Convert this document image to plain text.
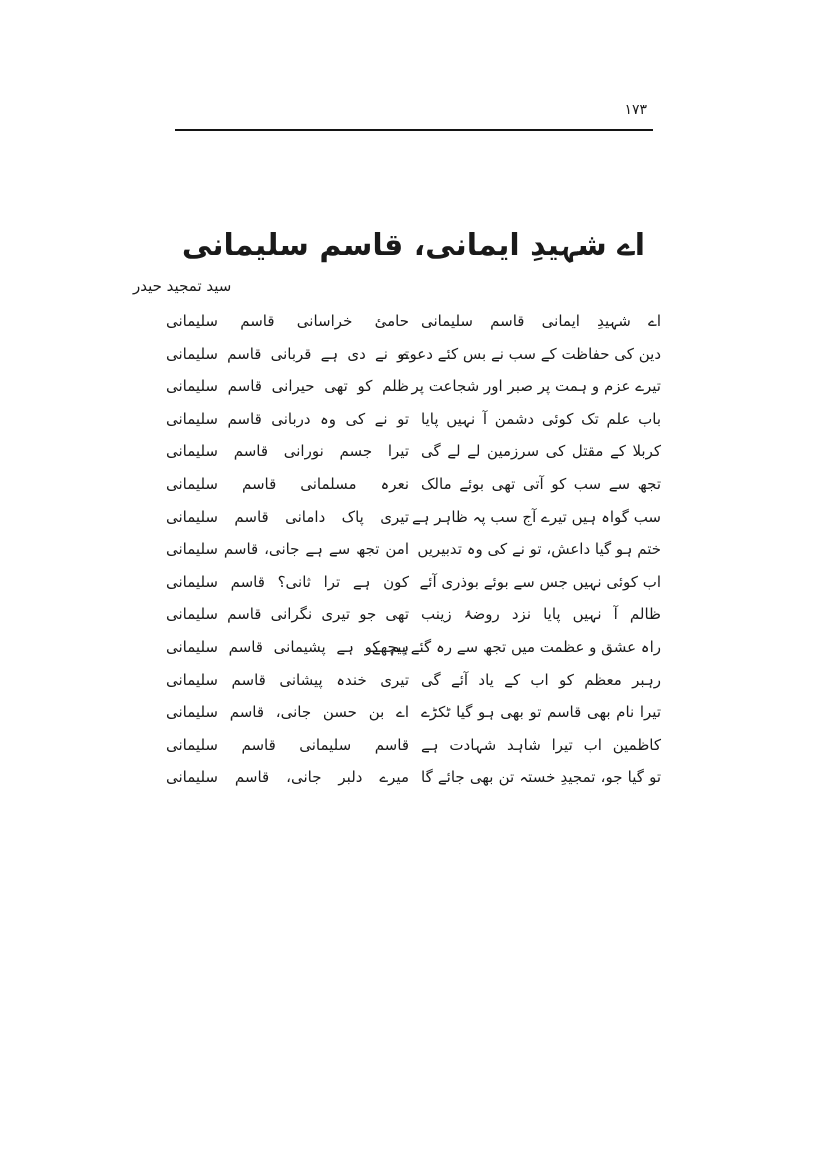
۱۷۳
اے شہیدِ ایمانی، قاسم سلیمانی
سید تمجید حیدر
اے شہیدِ ایمانی قاسم سلیمانی
حامئ خراسانی قاسم سلیمانی
دین کی حفاظت کے سب نے بس کئے دعوے
تو نے دی ہے قربانی قاسم سلیمانی
تیرے عزم و ہمت پر صبر اور شجاعت پر
ظلم کو تھی حیرانی قاسم سلیمانی
باب علم تک کوئی دشمن آ نہیں پایا
تو نے کی وہ دربانی قاسم سلیمانی
کربلا کے مقتل کی سرزمین لے لے گی
تیرا جسم نورانی قاسم سلیمانی
تجھ سے سب کو آتی تھی بوئے مالک
نعرہ مسلمانی قاسم سلیمانی
سب گواہ ہیں تیرے آج سب پہ ظاہر ہے
تیری پاک دامانی قاسم سلیمانی
ختم ہو گیا داعش، تو نے کی وہ تدبیریں
امن تجھ سے ہے جانی، قاسم سلیمانی
اب کوئی نہیں جس سے بوئے بوذری آئے
کون ہے ترا ثانی؟ قاسم سلیمانی
ظالم آ نہیں پایا نزد روضۂ زینب
تھی جو تیری نگرانی قاسم سلیمانی
راہ عشق و عظمت میں تجھ سے رہ گئے پیچھے
ہم کو ہے پشیمانی قاسم سلیمانی
رہبر معظم کو اب کے یاد آئے گی
تیری خندہ پیشانی قاسم سلیمانی
تیرا نام بھی قاسم تو بھی ہو گیا ٹکڑے
اے بن حسن جانی، قاسم سلیمانی
کاظمین اب تیرا شاہد شہادت ہے
قاسم سلیمانی قاسم سلیمانی
تو گیا جو، تمجیدِ خستہ تن بھی جائے گا
میرے دلبر جانی، قاسم سلیمانی
